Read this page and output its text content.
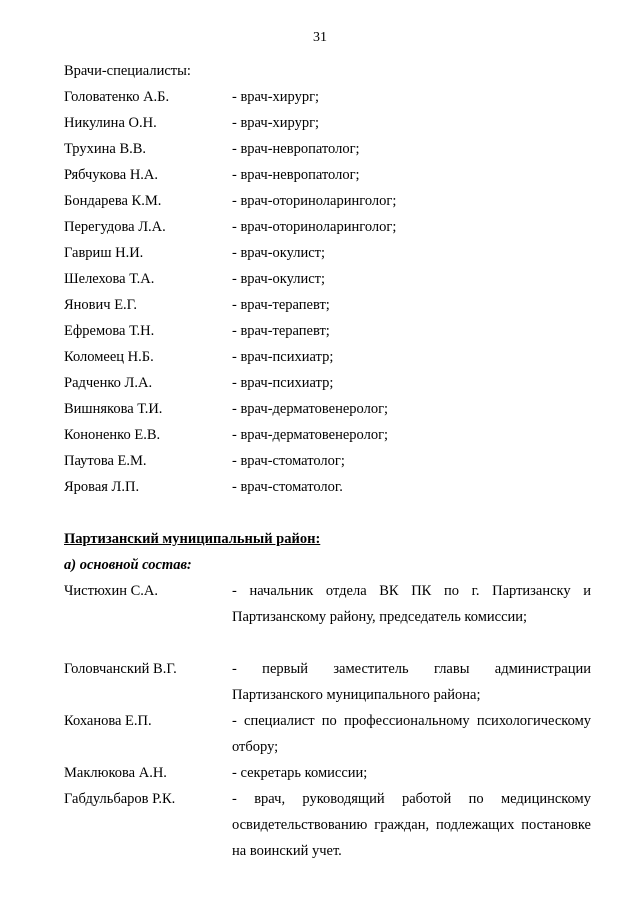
31
Врачи-специалисты:
Головатенко А.Б.	- врач-хирург;
Никулина О.Н.	- врач-хирург;
Трухина В.В.	- врач-невропатолог;
Рябчукова Н.А.	- врач-невропатолог;
Бондарева К.М.	- врач-оториноларинголог;
Перегудова Л.А.	- врач-оториноларинголог;
Гавриш Н.И.	- врач-окулист;
Шелехова Т.А.	- врач-окулист;
Янович Е.Г.	- врач-терапевт;
Ефремова Т.Н.	- врач-терапевт;
Коломеец Н.Б.	- врач-психиатр;
Радченко Л.А.	- врач-психиатр;
Вишнякова Т.И.	- врач-дерматовенеролог;
Кононенко Е.В.	- врач-дерматовенеролог;
Паутова Е.М.	- врач-стоматолог;
Яровая Л.П.	- врач-стоматолог.
Партизанский муниципальный район:
а) основной состав:
Чистюхин С.А.	- начальник отдела ВК ПК по г. Партизанску и Партизанскому району, председатель комиссии;
Головчанский В.Г.	- первый заместитель главы администрации Партизанского муниципального района;
Коханова Е.П.	- специалист по профессиональному психологическому отбору;
Маклюкова А.Н.	- секретарь комиссии;
Габдульбаров Р.К.	- врач, руководящий работой по медицинскому освидетельствованию граждан, подлежащих постановке на воинский учет.
